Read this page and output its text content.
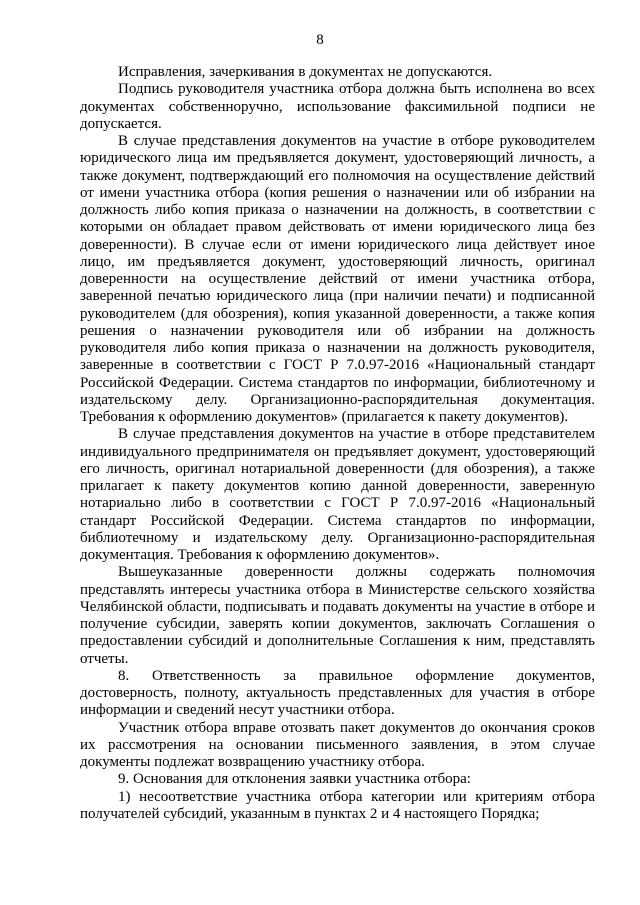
8

Исправления, зачеркивания в документах не допускаются.

Подпись руководителя участника отбора должна быть исполнена во всех документах собственноручно, использование факсимильной подписи не допускается.

В случае представления документов на участие в отборе руководителем юридического лица им предъявляется документ, удостоверяющий личность, а также документ, подтверждающий его полномочия на осуществление действий от имени участника отбора (копия решения о назначении или об избрании на должность либо копия приказа о назначении на должность, в соответствии с которыми он обладает правом действовать от имени юридического лица без доверенности). В случае если от имени юридического лица действует иное лицо, им предъявляется документ, удостоверяющий личность, оригинал доверенности на осуществление действий от имени участника отбора, заверенной печатью юридического лица (при наличии печати) и подписанной руководителем (для обозрения), копия указанной доверенности, а также копия решения о назначении руководителя или об избрании на должность руководителя либо копия приказа о назначении на должность руководителя, заверенные в соответствии с ГОСТ Р 7.0.97-2016 «Национальный стандарт Российской Федерации. Система стандартов по информации, библиотечному и издательскому делу. Организационно-распорядительная документация. Требования к оформлению документов» (прилагается к пакету документов).

В случае представления документов на участие в отборе представителем индивидуального предпринимателя он предъявляет документ, удостоверяющий его личность, оригинал нотариальной доверенности (для обозрения), а также прилагает к пакету документов копию данной доверенности, заверенную нотариально либо в соответствии с ГОСТ Р 7.0.97-2016 «Национальный стандарт Российской Федерации. Система стандартов по информации, библиотечному и издательскому делу. Организационно-распорядительная документация. Требования к оформлению документов».

Вышеуказанные доверенности должны содержать полномочия представлять интересы участника отбора в Министерстве сельского хозяйства Челябинской области, подписывать и подавать документы на участие в отборе и получение субсидии, заверять копии документов, заключать Соглашения о предоставлении субсидий и дополнительные Соглашения к ним, представлять отчеты.

8. Ответственность за правильное оформление документов, достоверность, полноту, актуальность представленных для участия в отборе информации и сведений несут участники отбора.

Участник отбора вправе отозвать пакет документов до окончания сроков их рассмотрения на основании письменного заявления, в этом случае документы подлежат возвращению участнику отбора.

9. Основания для отклонения заявки участника отбора:

1) несоответствие участника отбора категории или критериям отбора получателей субсидий, указанным в пунктах 2 и 4 настоящего Порядка;
